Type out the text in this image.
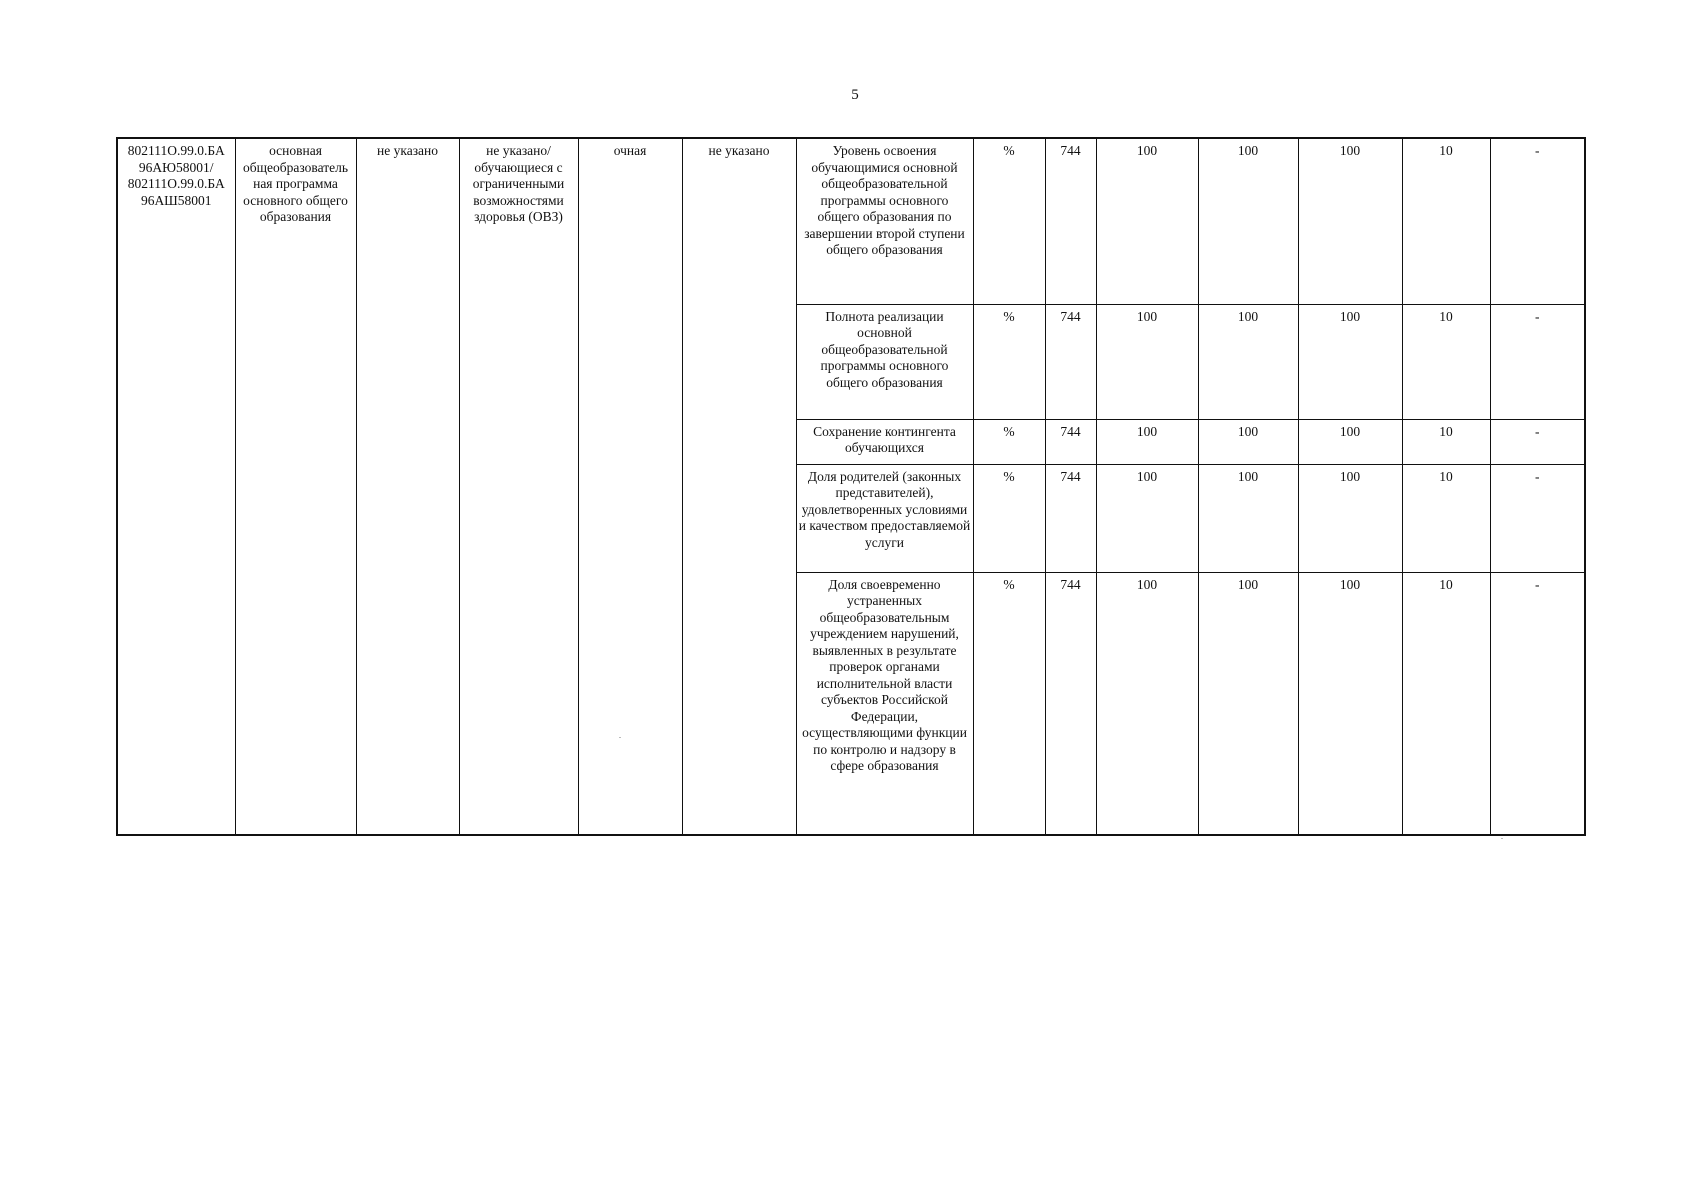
5
802111О.99.0.БА 96АЮ58001/ 802111О.99.0.БА 96АШ58001	основная общеобразователь ная программа основного общего образования	не указано	не указано/ обучающиеся с ограниченными возможностями здоровья (ОВЗ)	очная	не указано	Уровень освоения обучающимися основной общеобразовательной программы основного общего образования по завершении второй ступени общего образования	%	744	100	100	100	10	-
						Полнота реализации основной общеобразовательной программы основного общего образования	%	744	100	100	100	10	-
						Сохранение контингента обучающихся	%	744	100	100	100	10	-
						Доля родителей (законных представителей), удовлетворенных условиями и качеством предоставляемой услуги	%	744	100	100	100	10	-
						Доля своевременно устраненных общеобразовательным учреждением нарушений, выявленных в результате проверок органами исполнительной власти субъектов Российской Федерации, осуществляющими функции по контролю и надзору в сфере образования	%	744	100	100	100	10	-
